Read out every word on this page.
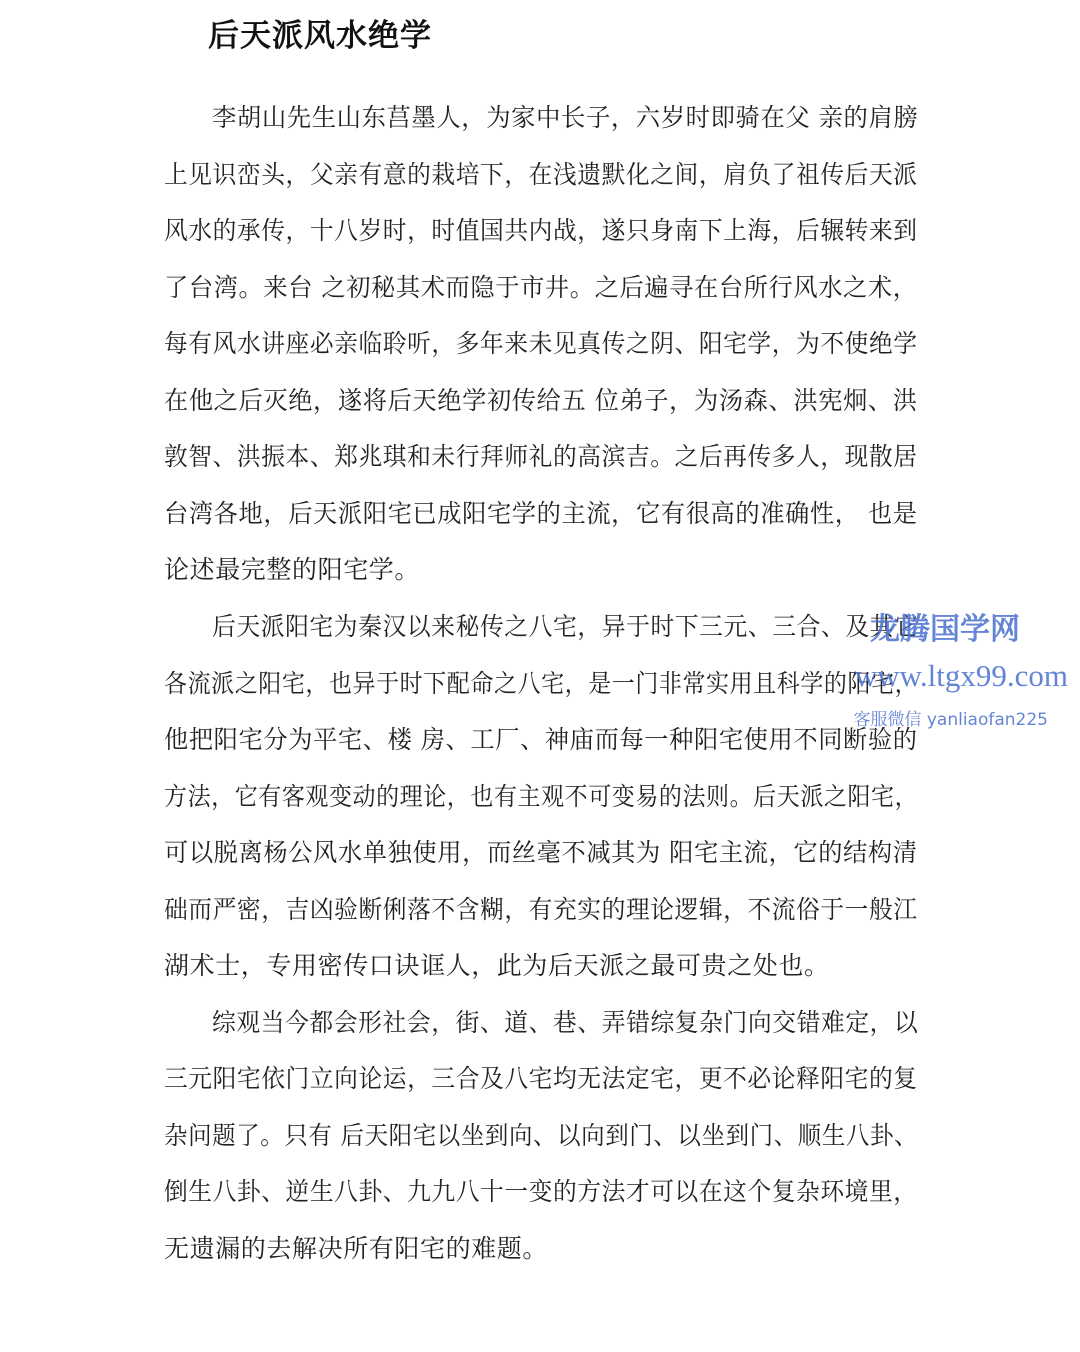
后天派风水绝学
李胡山先生山东莒墨人，为家中长子，六岁时即骑在父 亲的肩膀
上见识峦头，父亲有意的栽培下，在浅遗默化之间，肩负了祖传后天派
风水的承传，十八岁时，时值国共内战，遂只身南下上海，后辗转来到
了台湾。来台 之初秘其术而隐于市井。之后遍寻在台所行风水之术，
每有风水讲座必亲临聆听，多年来未见真传之阴、阳宅学，为不使绝学
在他之后灭绝，遂将后天绝学初传给五 位弟子，为汤森、洪宪炯、洪
敦智、洪振本、郑兆琪和未行拜师礼的高滨吉。之后再传多人，现散居
台湾各地，后天派阳宅已成阳宅学的主流，它有很高的准确性， 也是
论述最完整的阳宅学。
后天派阳宅为秦汉以来秘传之八宅，异于时下三元、三合、及其它
各流派之阳宅，也异于时下配命之八宅，是一门非常实用且科学的阳宅，
他把阳宅分为平宅、楼 房、工厂、神庙而每一种阳宅使用不同断验的
方法，它有客观变动的理论，也有主观不可变易的法则。后天派之阳宅，
可以脱离杨公风水单独使用，而丝毫不减其为 阳宅主流，它的结构清
础而严密，吉凶验断俐落不含糊，有充实的理论逻辑，不流俗于一般江
湖术士，专用密传口诀诓人，此为后天派之最可贵之处也。
综观当今都会形社会，街、道、巷、弄错综复杂门向交错难定，以
三元阳宅依门立向论运，三合及八宅均无法定宅，更不必论释阳宅的复
杂问题了。只有 后天阳宅以坐到向、以向到门、以坐到门、顺生八卦、
倒生八卦、逆生八卦、九九八十一变的方法才可以在这个复杂环境里，
无遗漏的去解决所有阳宅的难题。
龙腾国学网
www.ltgx99.com
客服微信 yanliaofan225
